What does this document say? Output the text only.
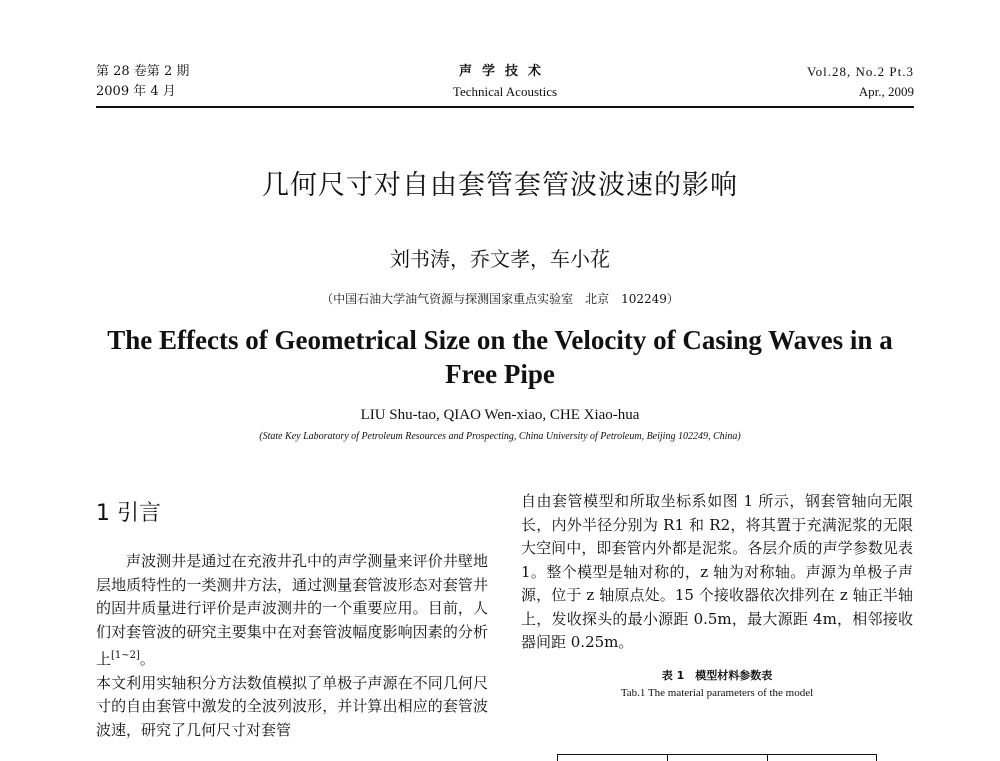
第 28 卷第 2 期
2009 年 4 月
声学技术
Technical Acoustics
Vol.28, No.2 Pt.3
Apr., 2009
几何尺寸对自由套管套管波波速的影响
刘书涛，乔文孝，车小花
（中国石油大学油气资源与探测国家重点实验室　北京　102249）
The Effects of Geometrical Size on the Velocity of Casing Waves in a Free Pipe
LIU Shu-tao, QIAO Wen-xiao, CHE Xiao-hua
(State Key Laboratory of Petroleum Resources and Prospecting, China University of Petroleum, Beijing 102249, China)
1 引言

声波测井是通过在充液井孔中的声学测量来评价井壁地层地质特性的一类测井方法，通过测量套管波形态对套管井的固井质量进行评价是声波测井的一个重要应用。目前，人们对套管波的研究主要集中在对套管波幅度影响因素的分析上[1~2]。

本文利用实轴积分方法数值模拟了单极子声源在不同几何尺寸的自由套管中激发的全波列波形，并计算出相应的套管波波速，研究了几何尺寸对套管

自由套管模型和所取坐标系如图 1 所示，钢套管轴向无限长，内外半径分别为 R1 和 R2，将其置于充满泥浆的无限大空间中，即套管内外都是泥浆。各层介质的声学参数见表 1。整个模型是轴对称的，z 轴为对称轴。声源为单极子声源，位于 z 轴原点处。15 个接收器依次排列在 z 轴正半轴上，发收探头的最小源距 0.5m，最大源距 4m，相邻接收器间距 0.25m。

表 1　模型材料参数表
Tab.1 The material parameters of the model
